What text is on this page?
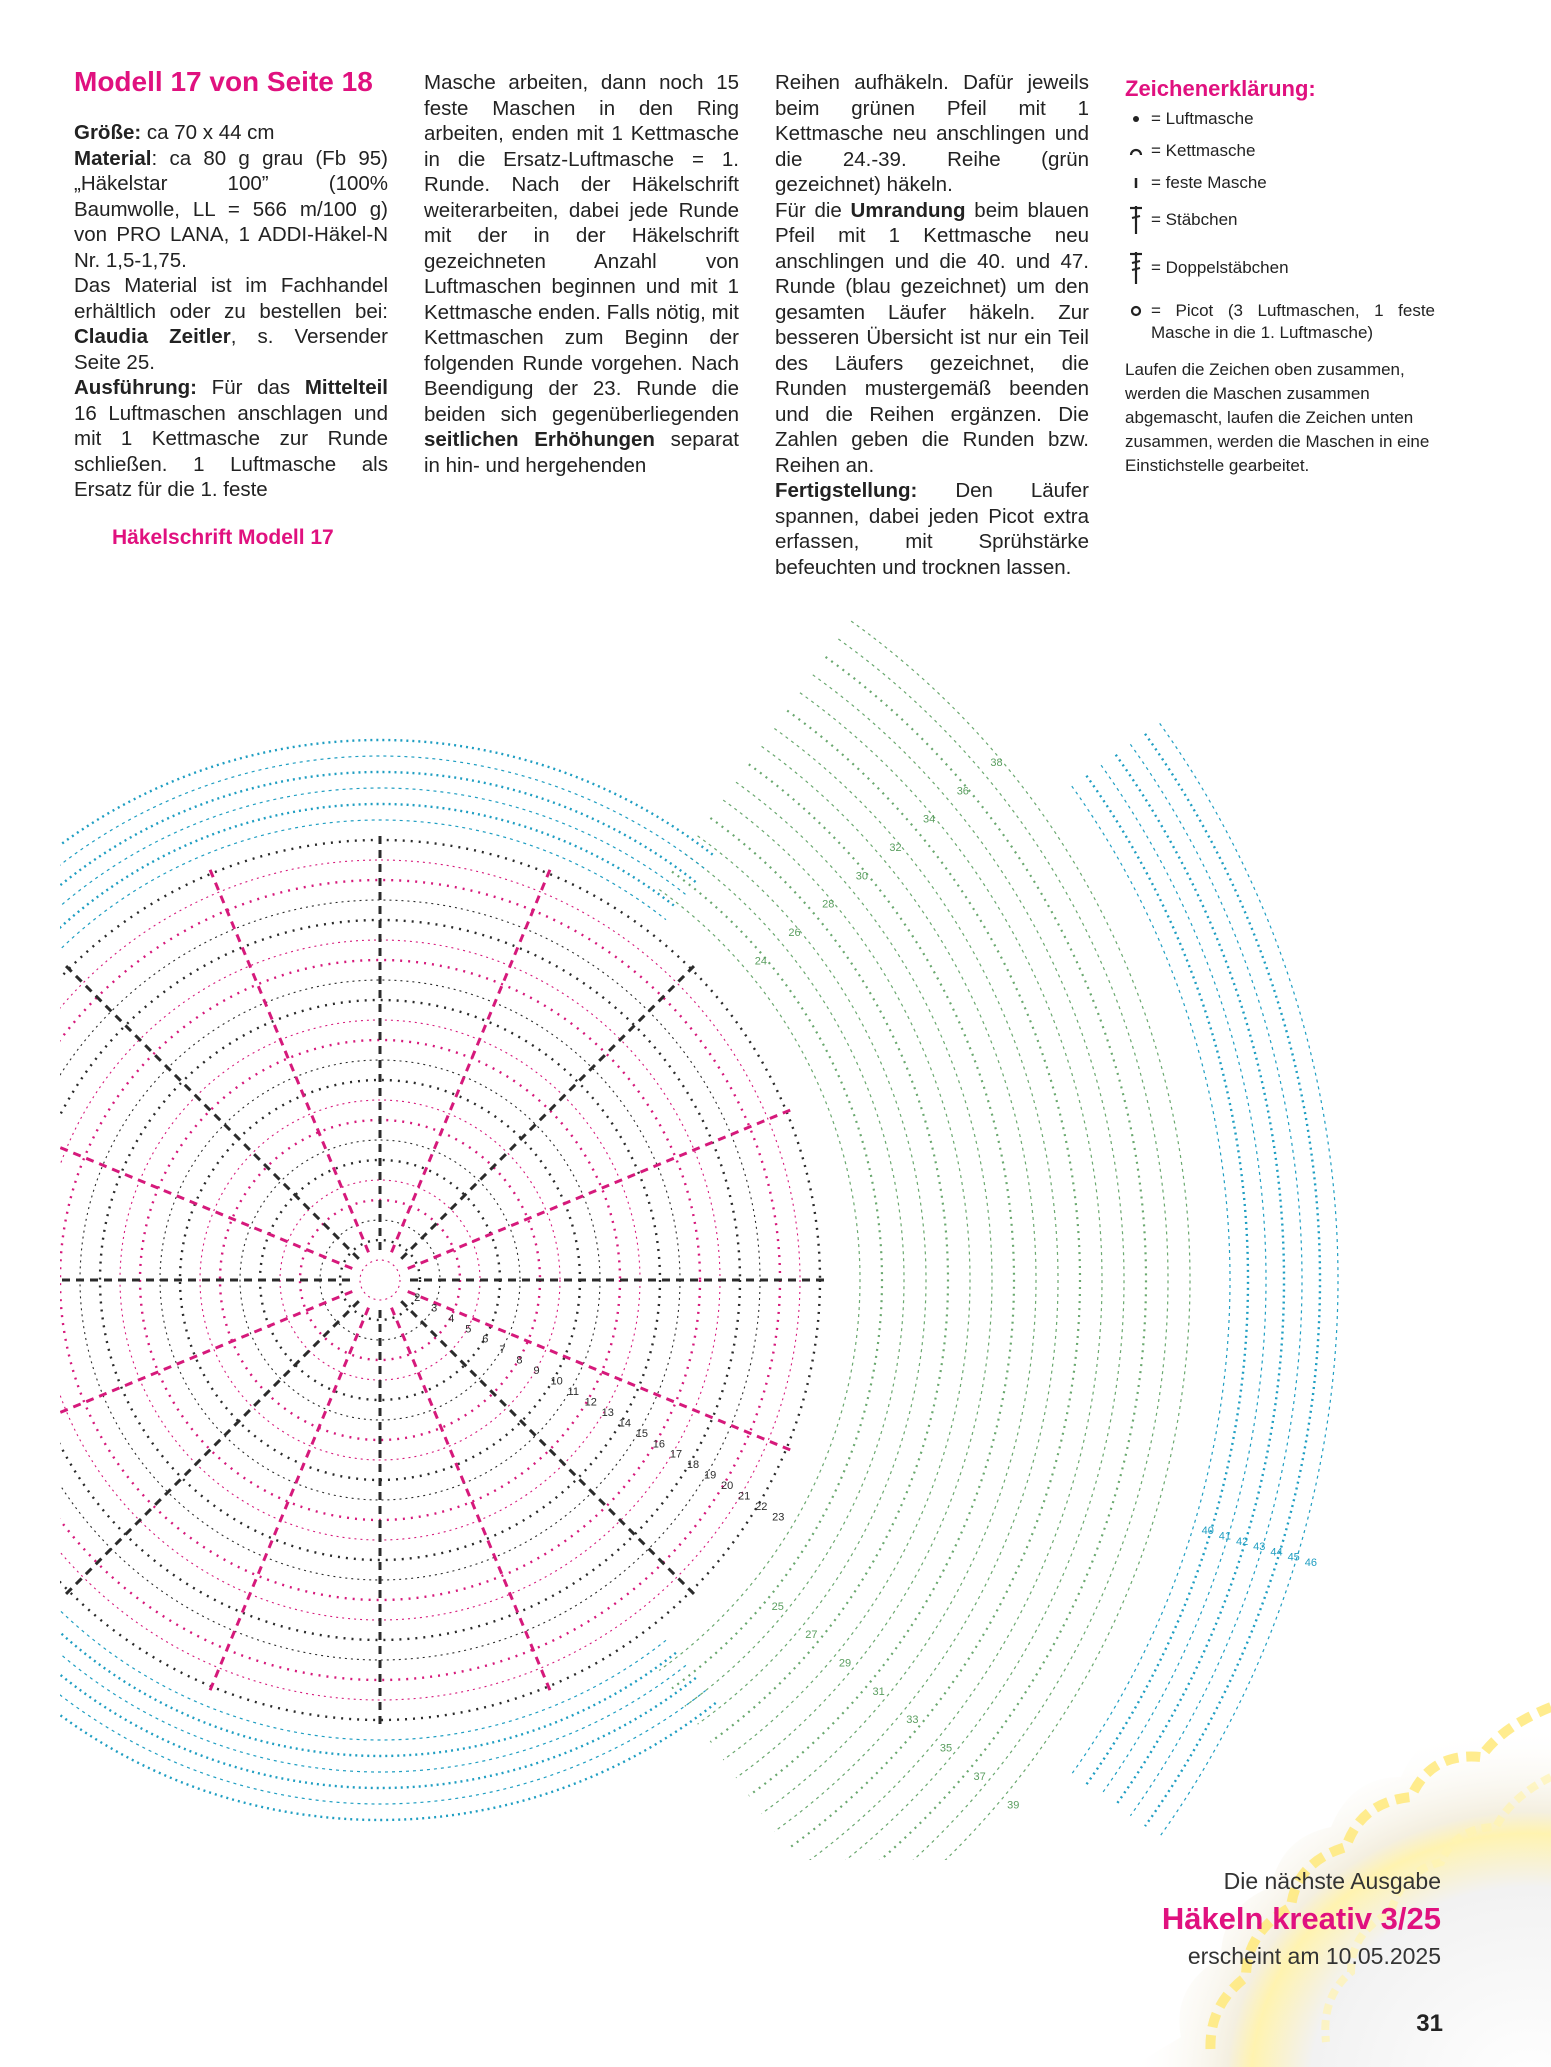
Modell 17 von Seite 18

Größe: ca 70 x 44 cm

Material: ca 80 g grau (Fb 95) „Häkelstar 100” (100% Baumwolle, LL = 566 m/100 g) von PRO LANA, 1 ADDI-Häkel-N Nr. 1,5-1,75.

Das Material ist im Fachhandel erhältlich oder zu bestellen bei: Claudia Zeitler, s. Versender Seite 25.

Ausführung: Für das Mittelteil 16 Luftmaschen anschlagen und mit 1 Kettmasche zur Runde schließen. 1 Luftmasche als Ersatz für die 1. feste

Masche arbeiten, dann noch 15 feste Maschen in den Ring arbeiten, enden mit 1 Kettmasche in die Ersatz-Luftmasche = 1. Runde. Nach der Häkelschrift weiterarbeiten, dabei jede Runde mit der in der Häkelschrift gezeichneten Anzahl von Luftmaschen beginnen und mit 1 Kettmasche enden. Falls nötig, mit Kettmaschen zum Beginn der folgenden Runde vorgehen. Nach Beendigung der 23. Runde die beiden sich gegenüberliegenden seitlichen Erhöhungen separat in hin- und hergehenden

Reihen aufhäkeln. Dafür jeweils beim grünen Pfeil mit 1 Kettmasche neu anschlingen und die 24.-39. Reihe (grün gezeichnet) häkeln.

Für die Umrandung beim blauen Pfeil mit 1 Kettmasche neu anschlingen und die 40. und 47. Runde (blau gezeichnet) um den gesamten Läufer häkeln. Zur besseren Übersicht ist nur ein Teil des Läufers gezeichnet, die Runden mustergemäß beenden und die Reihen ergänzen. Die Zahlen geben die Runden bzw. Reihen an.

Fertigstellung: Den Läufer spannen, dabei jeden Picot extra erfassen, mit Sprühstärke befeuchten und trocknen lassen.

Zeichenerklärung:
= Luftmasche
= Kettmasche
= feste Masche
= Stäbchen
= Doppelstäbchen
= Picot (3 Luftmaschen, 1 feste Masche in die 1. Luftmasche)
Laufen die Zeichen oben zusammen, werden die Maschen zusammen abgemascht, laufen die Zeichen unten zusammen, werden die Maschen in eine Einstichstelle gearbeitet.
Häkelschrift Modell 17
2
3
4
5
6
7
8
9
10
11
12
13
14
15
16
17
18
19
20
21
22
23
24
25
26
27
28
29
30
31
32
33
34
35
36
37
38
39
40 41 42 43 44 45 46
Die nächste Ausgabe
Häkeln kreativ 3/25
erscheint am 10.05.2025
31
